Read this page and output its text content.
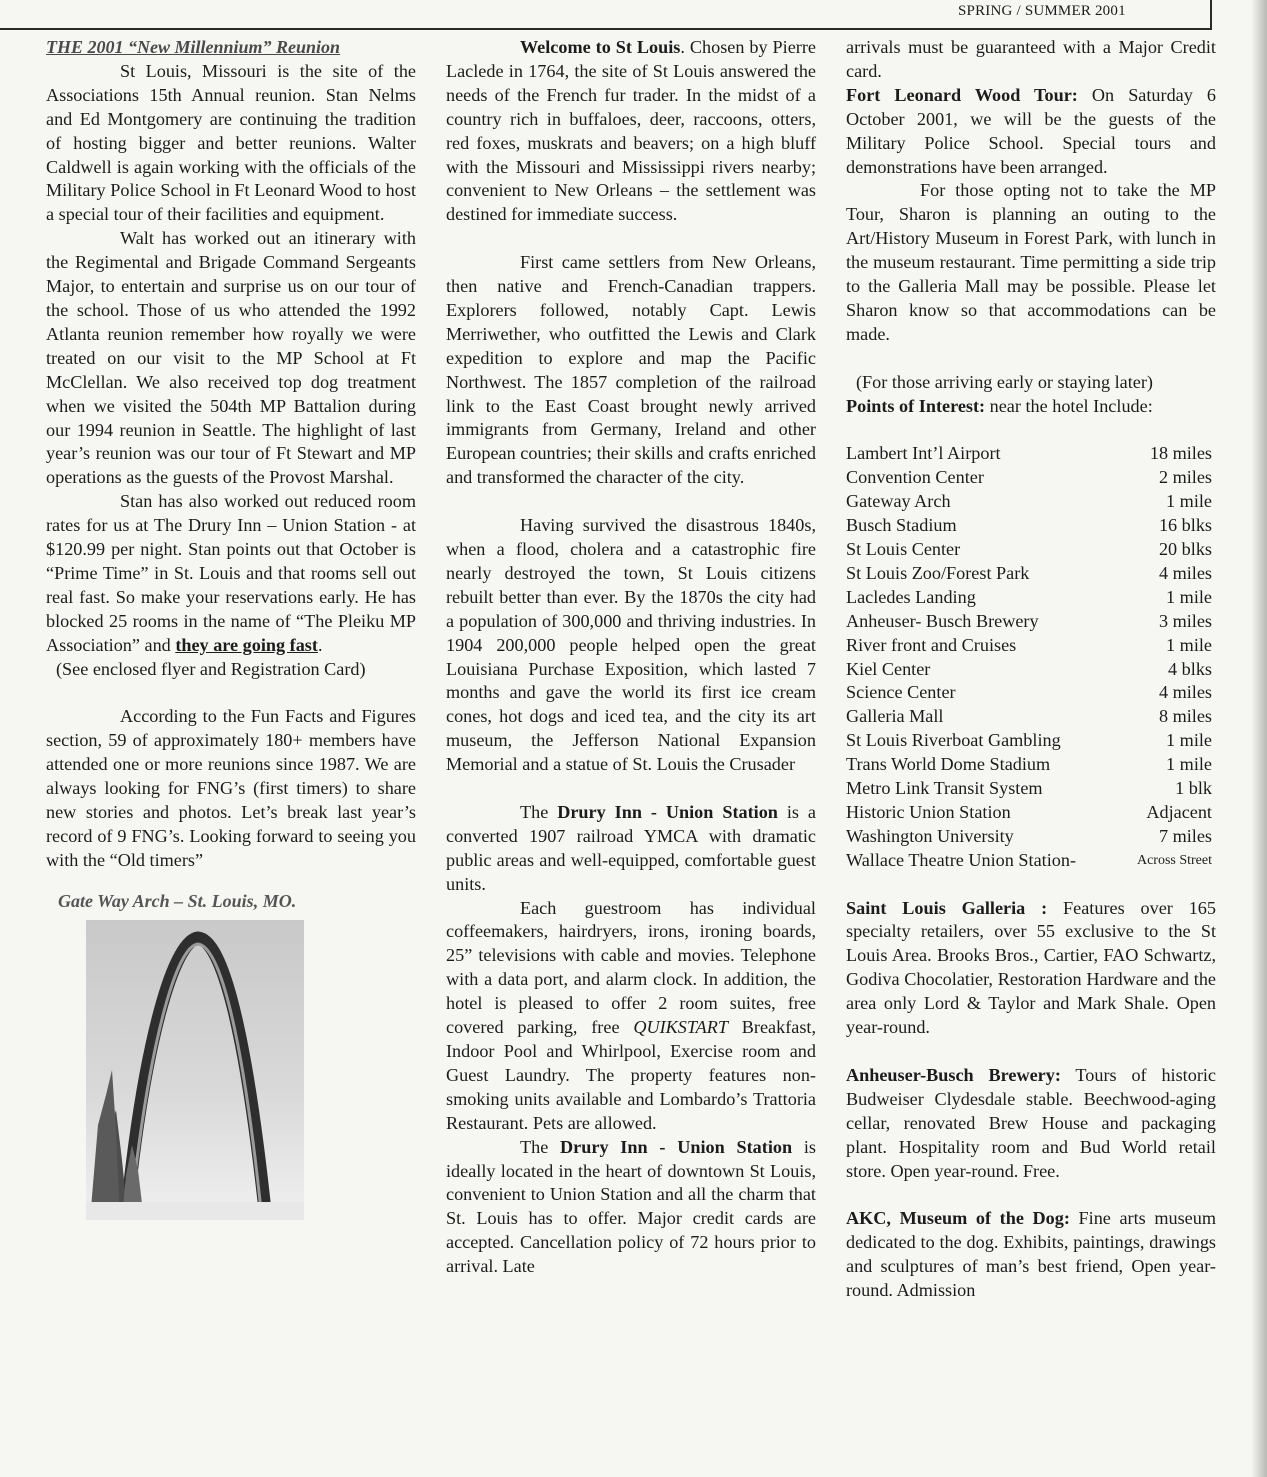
SPRING / SUMMER 2001

THE 2001 “New Millennium” Reunion

St Louis, Missouri is the site of the Associations 15th Annual reunion. Stan Nelms and Ed Montgomery are continuing the tradition of hosting bigger and better reunions. Walter Caldwell is again working with the officials of the Military Police School in Ft Leonard Wood to host a special tour of their facilities and equipment.

Walt has worked out an itinerary with the Regimental and Brigade Command Sergeants Major, to entertain and surprise us on our tour of the school. Those of us who attended the 1992 Atlanta reunion remember how royally we were treated on our visit to the MP School at Ft McClellan. We also received top dog treatment when we visited the 504th MP Battalion during our 1994 reunion in Seattle. The highlight of last year’s reunion was our tour of Ft Stewart and MP operations as the guests of the Provost Marshal.

Stan has also worked out reduced room rates for us at The Drury Inn – Union Station - at $120.99 per night. Stan points out that October is “Prime Time” in St. Louis and that rooms sell out real fast. So make your reservations early. He has blocked 25 rooms in the name of “The Pleiku MP Association” and they are going fast.

(See enclosed flyer and Registration Card)

According to the Fun Facts and Figures section, 59 of approximately 180+ members have attended one or more reunions since 1987. We are always looking for FNG’s (first timers) to share new stories and photos. Let’s break last year’s record of 9 FNG’s. Looking forward to seeing you with the “Old timers”

Gate Way Arch – St. Louis, MO.

Welcome to St Louis. Chosen by Pierre Laclede in 1764, the site of St Louis answered the needs of the French fur trader. In the midst of a country rich in buffaloes, deer, raccoons, otters, red foxes, muskrats and beavers; on a high bluff with the Missouri and Mississippi rivers nearby; convenient to New Orleans – the settlement was destined for immediate success.

First came settlers from New Orleans, then native and French-Canadian trappers. Explorers followed, notably Capt. Lewis Merriwether, who outfitted the Lewis and Clark expedition to explore and map the Pacific Northwest. The 1857 completion of the railroad link to the East Coast brought newly arrived immigrants from Germany, Ireland and other European countries; their skills and crafts enriched and transformed the character of the city.

Having survived the disastrous 1840s, when a flood, cholera and a catastrophic fire nearly destroyed the town, St Louis citizens rebuilt better than ever. By the 1870s the city had a population of 300,000 and thriving industries. In 1904 200,000 people helped open the great Louisiana Purchase Exposition, which lasted 7 months and gave the world its first ice cream cones, hot dogs and iced tea, and the city its art museum, the Jefferson National Expansion Memorial and a statue of St. Louis the Crusader

The Drury Inn - Union Station is a converted 1907 railroad YMCA with dramatic public areas and well-equipped, comfortable guest units.

Each guestroom has individual coffeemakers, hairdryers, irons, ironing boards, 25” televisions with cable and movies. Telephone with a data port, and alarm clock. In addition, the hotel is pleased to offer 2 room suites, free covered parking, free QUIKSTART Breakfast, Indoor Pool and Whirlpool, Exercise room and Guest Laundry. The property features non-smoking units available and Lombardo’s Trattoria Restaurant. Pets are allowed.

The Drury Inn - Union Station is ideally located in the heart of downtown St Louis, convenient to Union Station and all the charm that St. Louis has to offer. Major credit cards are accepted. Cancellation policy of 72 hours prior to arrival. Late

arrivals must be guaranteed with a Major Credit card.

Fort Leonard Wood Tour: On Saturday 6 October 2001, we will be the guests of the Military Police School. Special tours and demonstrations have been arranged.

For those opting not to take the MP Tour, Sharon is planning an outing to the Art/History Museum in Forest Park, with lunch in the museum restaurant. Time permitting a side trip to the Galleria Mall may be possible. Please let Sharon know so that accommodations can be made.

(For those arriving early or staying later)

Points of Interest: near the hotel Include:

Lambert Int’l Airport	18 miles
Convention Center	2 miles
Gateway Arch	1 mile
Busch Stadium	16 blks
St Louis Center	20 blks
St Louis Zoo/Forest Park	4 miles
Lacledes Landing	1 mile
Anheuser- Busch Brewery	3 miles
River front and Cruises	1 mile
Kiel Center	4 blks
Science Center	4 miles
Galleria Mall	8 miles
St Louis Riverboat Gambling	1 mile
Trans World Dome Stadium	1 mile
Metro Link Transit System	1 blk
Historic Union Station	Adjacent
Washington University	7 miles
Wallace Theatre Union Station-	Across Street

Saint Louis Galleria : Features over 165 specialty retailers, over 55 exclusive to the St Louis Area. Brooks Bros., Cartier, FAO Schwartz, Godiva Chocolatier, Restoration Hardware and the area only Lord & Taylor and Mark Shale. Open year-round.

Anheuser-Busch Brewery: Tours of historic Budweiser Clydesdale stable. Beechwood-aging cellar, renovated Brew House and packaging plant. Hospitality room and Bud World retail store. Open year-round. Free.

AKC, Museum of the Dog: Fine arts museum dedicated to the dog. Exhibits, paintings, drawings and sculptures of man’s best friend, Open year-round. Admission
